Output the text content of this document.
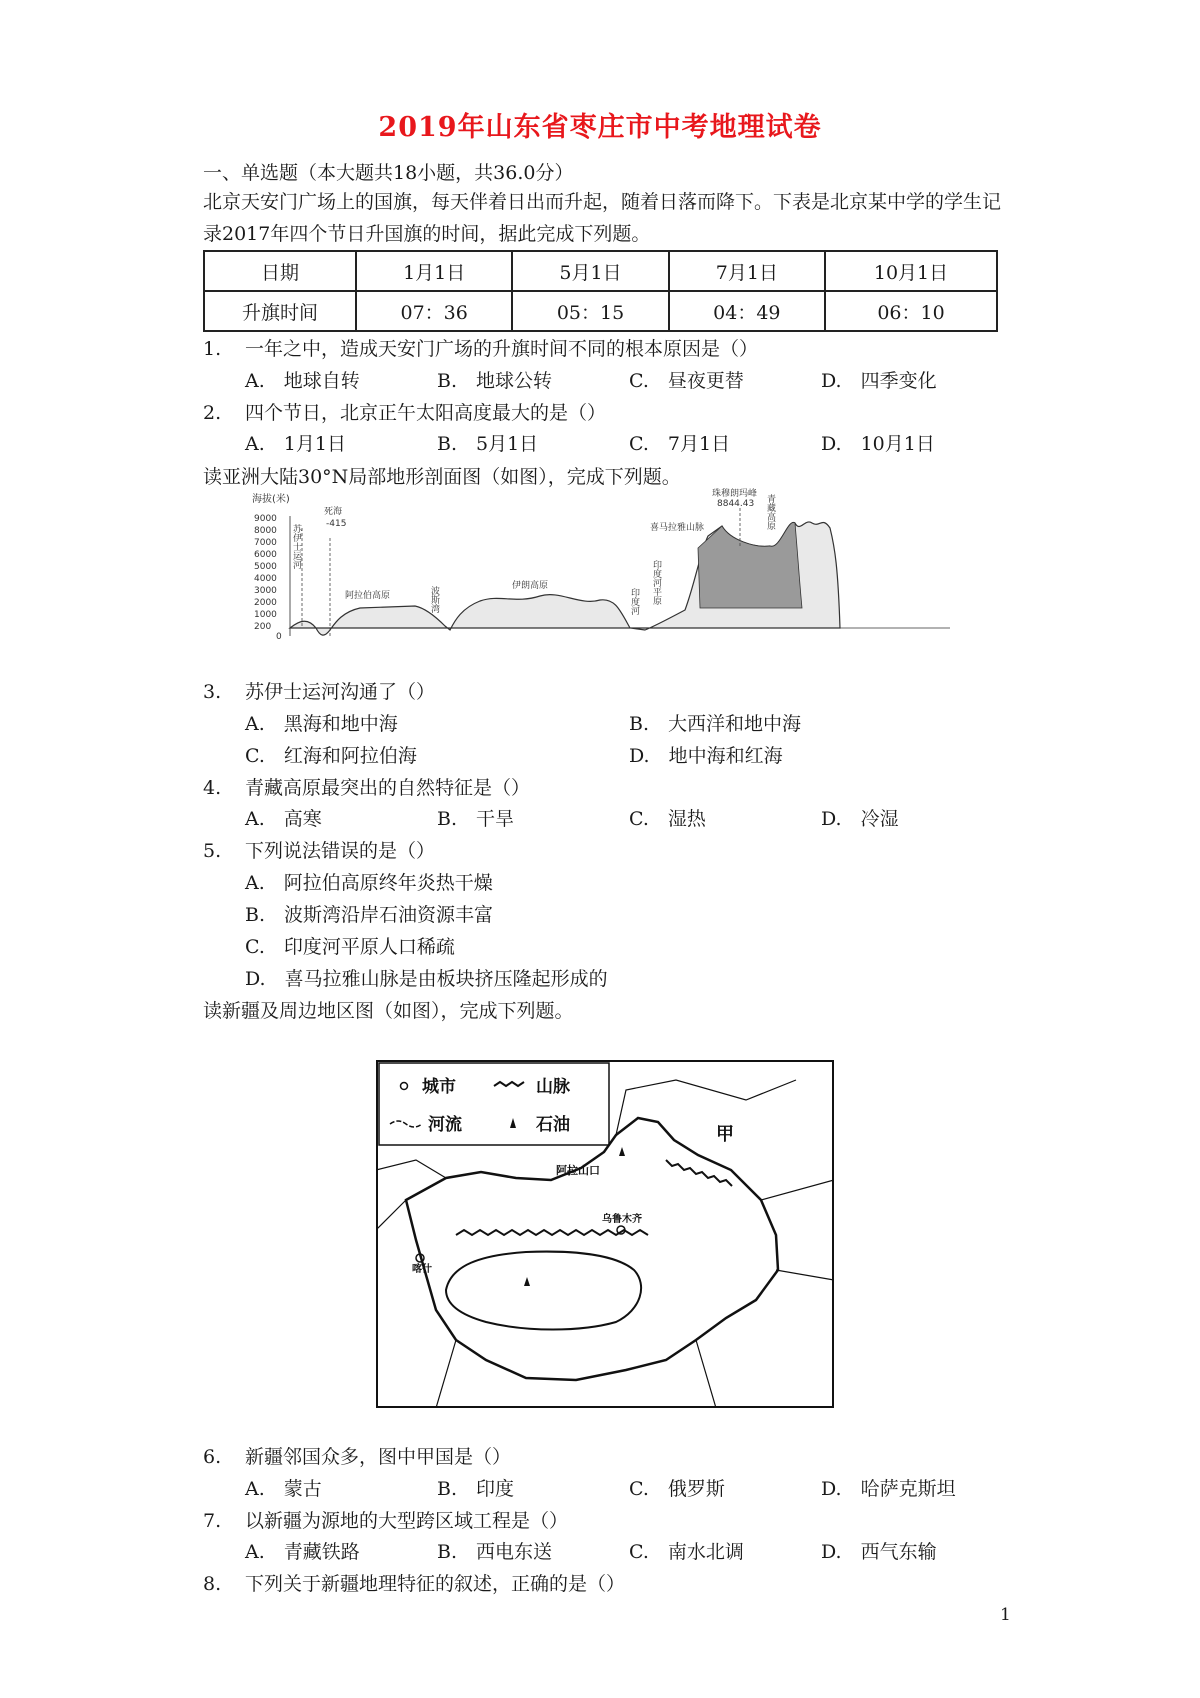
2019年山东省枣庄市中考地理试卷
一、单选题（本大题共18小题，共36.0分）
北京天安门广场上的国旗，每天伴着日出而升起，随着日落而降下。下表是北京某中学的学生记录2017年四个节日升国旗的时间，据此完成下列题。
日期	1月1日	5月1日	7月1日	10月1日
升旗时间	07：36	05：15	04：49	06：10
1. 一年之中，造成天安门广场的升旗时间不同的根本原因是（）
A.　地球自转	B.　地球公转	C.　昼夜更替	D.　四季变化
2. 四个节日，北京正午太阳高度最大的是（）
A.　1月1日	B.　5月1日	C.　7月1日	D.　10月1日
读亚洲大陆30°N局部地形剖面图（如图），完成下列题。
海拔(米)
9000
8000
7000
6000
5000
4000
3000
2000
1000
200
0
苏伊士运河
死海
-415
阿拉伯高原	波斯湾	伊朗高原
印度河 印度河平原
喜马拉雅山脉
珠穆朗玛峰
8844.43 青藏高原
3. 苏伊士运河沟通了（）
A.　黑海和地中海	B.　大西洋和地中海
C.　红海和阿拉伯海	D.　地中海和红海
4. 青藏高原最突出的自然特征是（）
A.　高寒	B.　干旱	C.　湿热	D.　冷湿
5. 下列说法错误的是（）
A.　阿拉伯高原终年炎热干燥
B.　波斯湾沿岸石油资源丰富
C.　印度河平原人口稀疏
D.　喜马拉雅山脉是由板块挤压隆起形成的
读新疆及周边地区图（如图），完成下列题。
城市	山脉
河流	石油	甲
阿拉山口
乌鲁木齐
喀什
6. 新疆邻国众多，图中甲国是（）
A.　蒙古	B.　印度	C.　俄罗斯	D.　哈萨克斯坦
7. 以新疆为源地的大型跨区域工程是（）
A.　青藏铁路	B.　西电东送	C.　南水北调	D.　西气东输
8. 下列关于新疆地理特征的叙述，正确的是（）
1
